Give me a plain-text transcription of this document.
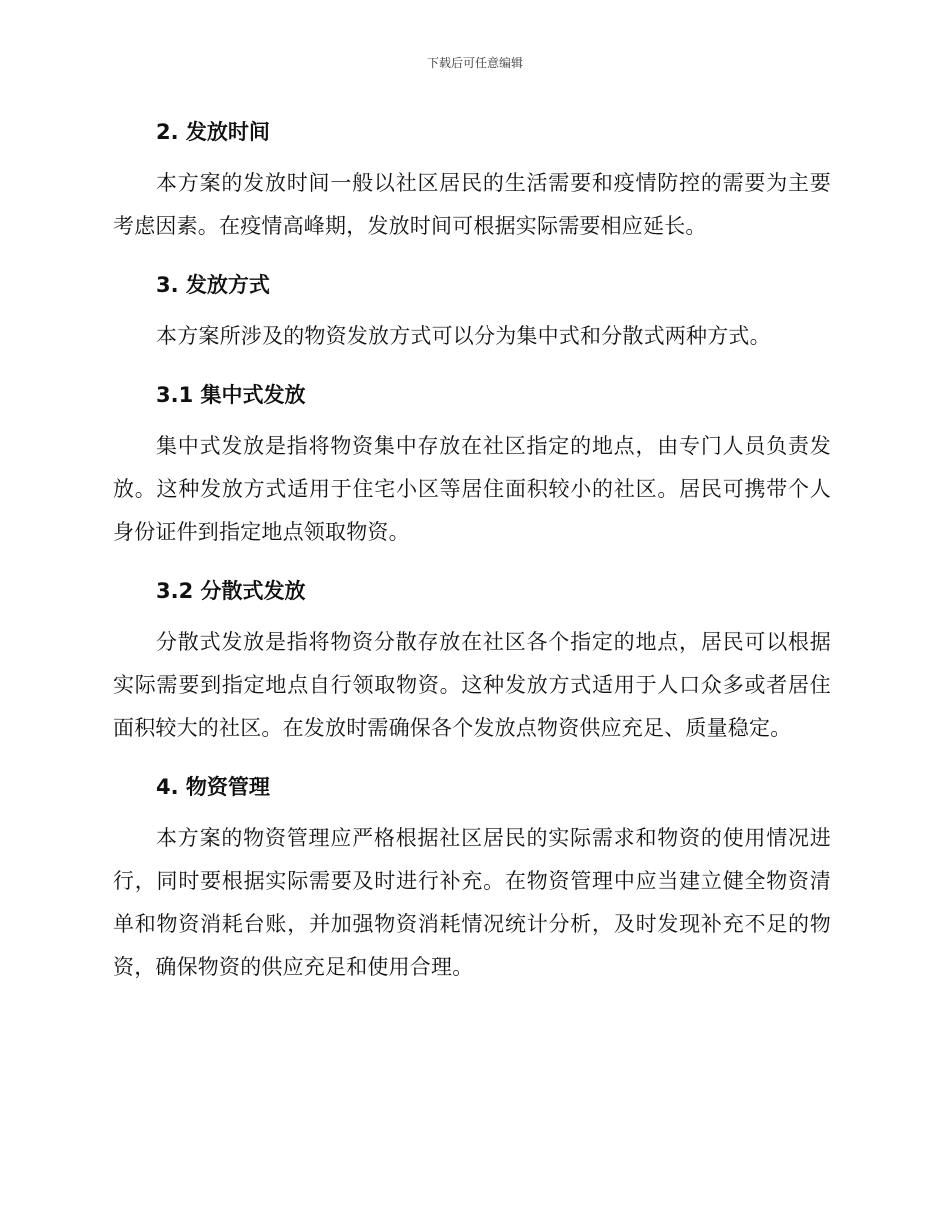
下载后可任意编辑
2. 发放时间

本方案的发放时间一般以社区居民的生活需要和疫情防控的需要为主要考虑因素。在疫情高峰期，发放时间可根据实际需要相应延长。

3. 发放方式

本方案所涉及的物资发放方式可以分为集中式和分散式两种方式。

3.1 集中式发放

集中式发放是指将物资集中存放在社区指定的地点，由专门人员负责发放。这种发放方式适用于住宅小区等居住面积较小的社区。居民可携带个人身份证件到指定地点领取物资。

3.2 分散式发放

分散式发放是指将物资分散存放在社区各个指定的地点，居民可以根据实际需要到指定地点自行领取物资。这种发放方式适用于人口众多或者居住面积较大的社区。在发放时需确保各个发放点物资供应充足、质量稳定。

4. 物资管理

本方案的物资管理应严格根据社区居民的实际需求和物资的使用情况进行，同时要根据实际需要及时进行补充。在物资管理中应当建立健全物资清单和物资消耗台账，并加强物资消耗情况统计分析，及时发现补充不足的物资，确保物资的供应充足和使用合理。
